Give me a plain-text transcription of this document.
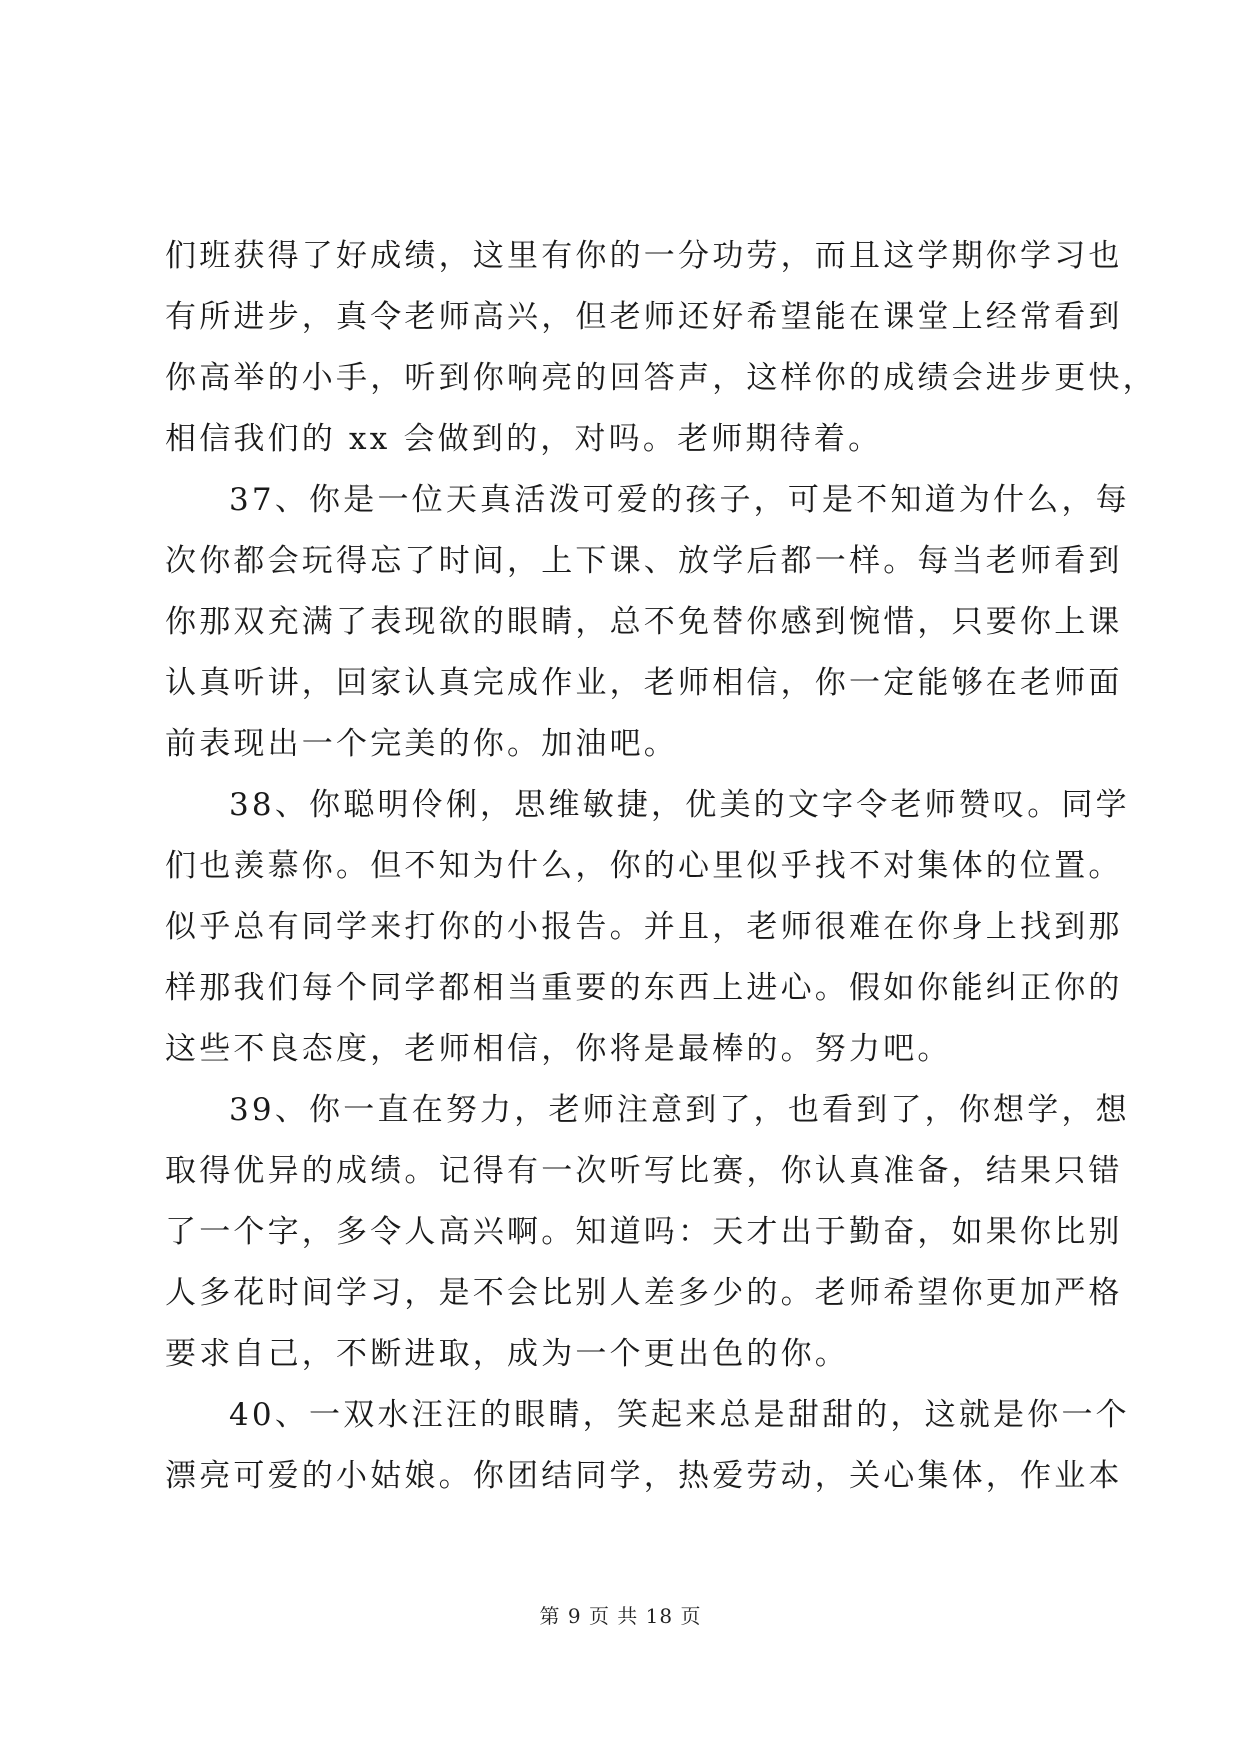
们班获得了好成绩，这里有你的一分功劳，而且这学期你学习也
有所进步，真令老师高兴，但老师还好希望能在课堂上经常看到
你高举的小手，听到你响亮的回答声，这样你的成绩会进步更快，
相信我们的 xx 会做到的，对吗。老师期待着。
37、你是一位天真活泼可爱的孩子，可是不知道为什么，每
次你都会玩得忘了时间，上下课、放学后都一样。每当老师看到
你那双充满了表现欲的眼睛，总不免替你感到惋惜，只要你上课
认真听讲，回家认真完成作业，老师相信，你一定能够在老师面
前表现出一个完美的你。加油吧。
38、你聪明伶俐，思维敏捷，优美的文字令老师赞叹。同学
们也羡慕你。但不知为什么，你的心里似乎找不对集体的位置。
似乎总有同学来打你的小报告。并且，老师很难在你身上找到那
样那我们每个同学都相当重要的东西上进心。假如你能纠正你的
这些不良态度，老师相信，你将是最棒的。努力吧。
39、你一直在努力，老师注意到了，也看到了，你想学，想
取得优异的成绩。记得有一次听写比赛，你认真准备，结果只错
了一个字，多令人高兴啊。知道吗：天才出于勤奋，如果你比别
人多花时间学习，是不会比别人差多少的。老师希望你更加严格
要求自己，不断进取，成为一个更出色的你。
40、一双水汪汪的眼睛，笑起来总是甜甜的，这就是你一个
漂亮可爱的小姑娘。你团结同学，热爱劳动，关心集体，作业本
第 9 页 共 18 页
